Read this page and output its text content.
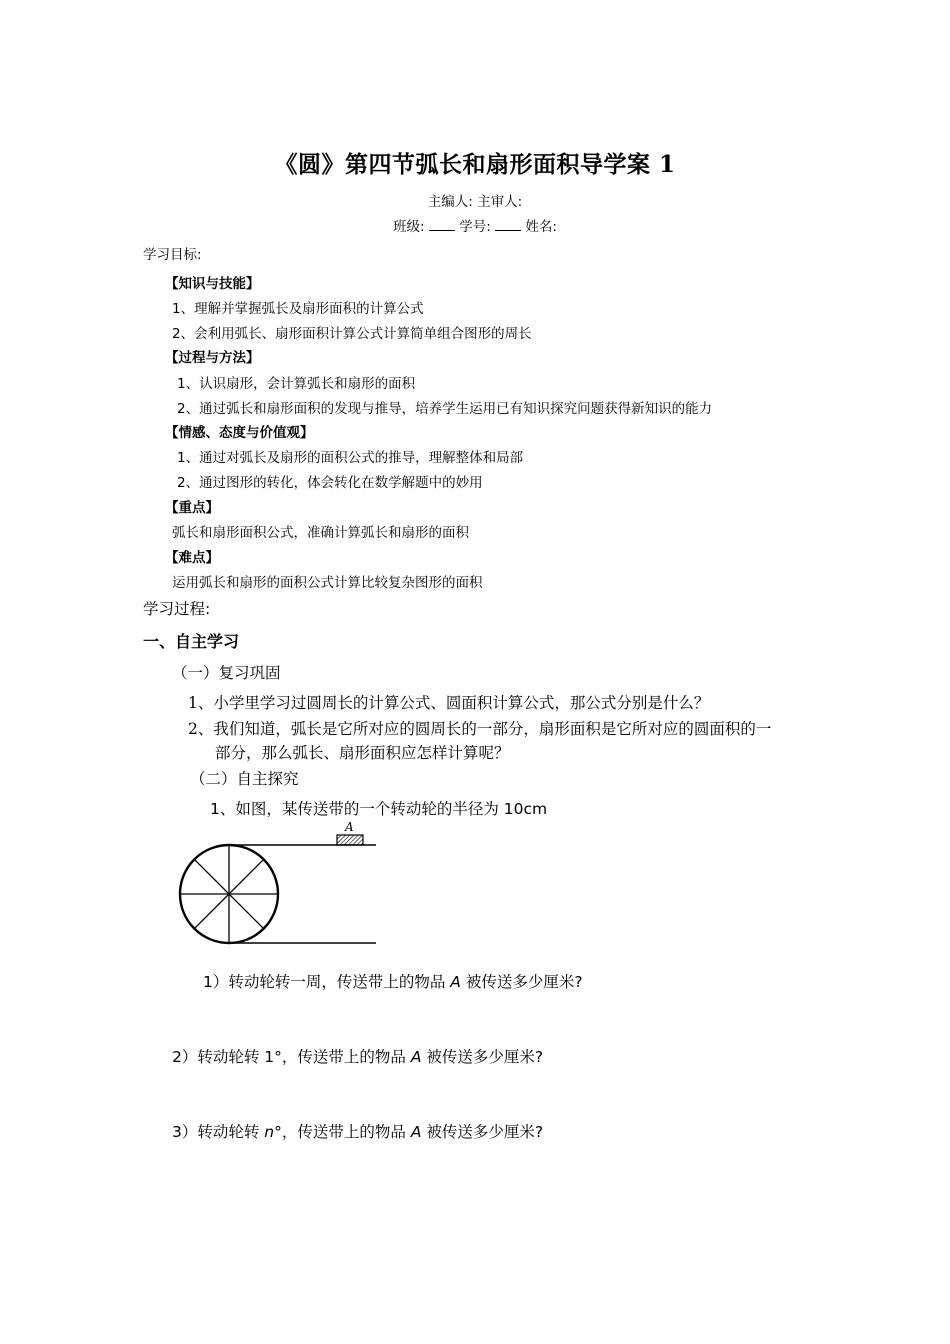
《圆》第四节弧长和扇形面积导学案 1
主编人: 主审人:
班级:	学号:	姓名:
学习目标:
【知识与技能】
1、理解并掌握弧长及扇形面积的计算公式
2、会利用弧长、扇形面积计算公式计算简单组合图形的周长
【过程与方法】
1、认识扇形，会计算弧长和扇形的面积
2、通过弧长和扇形面积的发现与推导，培养学生运用已有知识探究问题获得新知识的能力
【情感、态度与价值观】
1、通过对弧长及扇形的面积公式的推导，理解整体和局部
2、通过图形的转化，体会转化在数学解题中的妙用
【重点】
弧长和扇形面积公式，准确计算弧长和扇形的面积
【难点】
运用弧长和扇形的面积公式计算比较复杂图形的面积
学习过程:
一、自主学习
（一）复习巩固
1、小学里学习过圆周长的计算公式、圆面积计算公式，那公式分别是什么？
2、我们知道，弧长是它所对应的圆周长的一部分，扇形面积是它所对应的圆面积的一
部分，那么弧长、扇形面积应怎样计算呢？
（二）自主探究
1、如图，某传送带的一个转动轮的半径为 10cm
A
1）转动轮转一周，传送带上的物品 A 被传送多少厘米?
2）转动轮转 1°，传送带上的物品 A 被传送多少厘米?
3）转动轮转 n°，传送带上的物品 A 被传送多少厘米?
